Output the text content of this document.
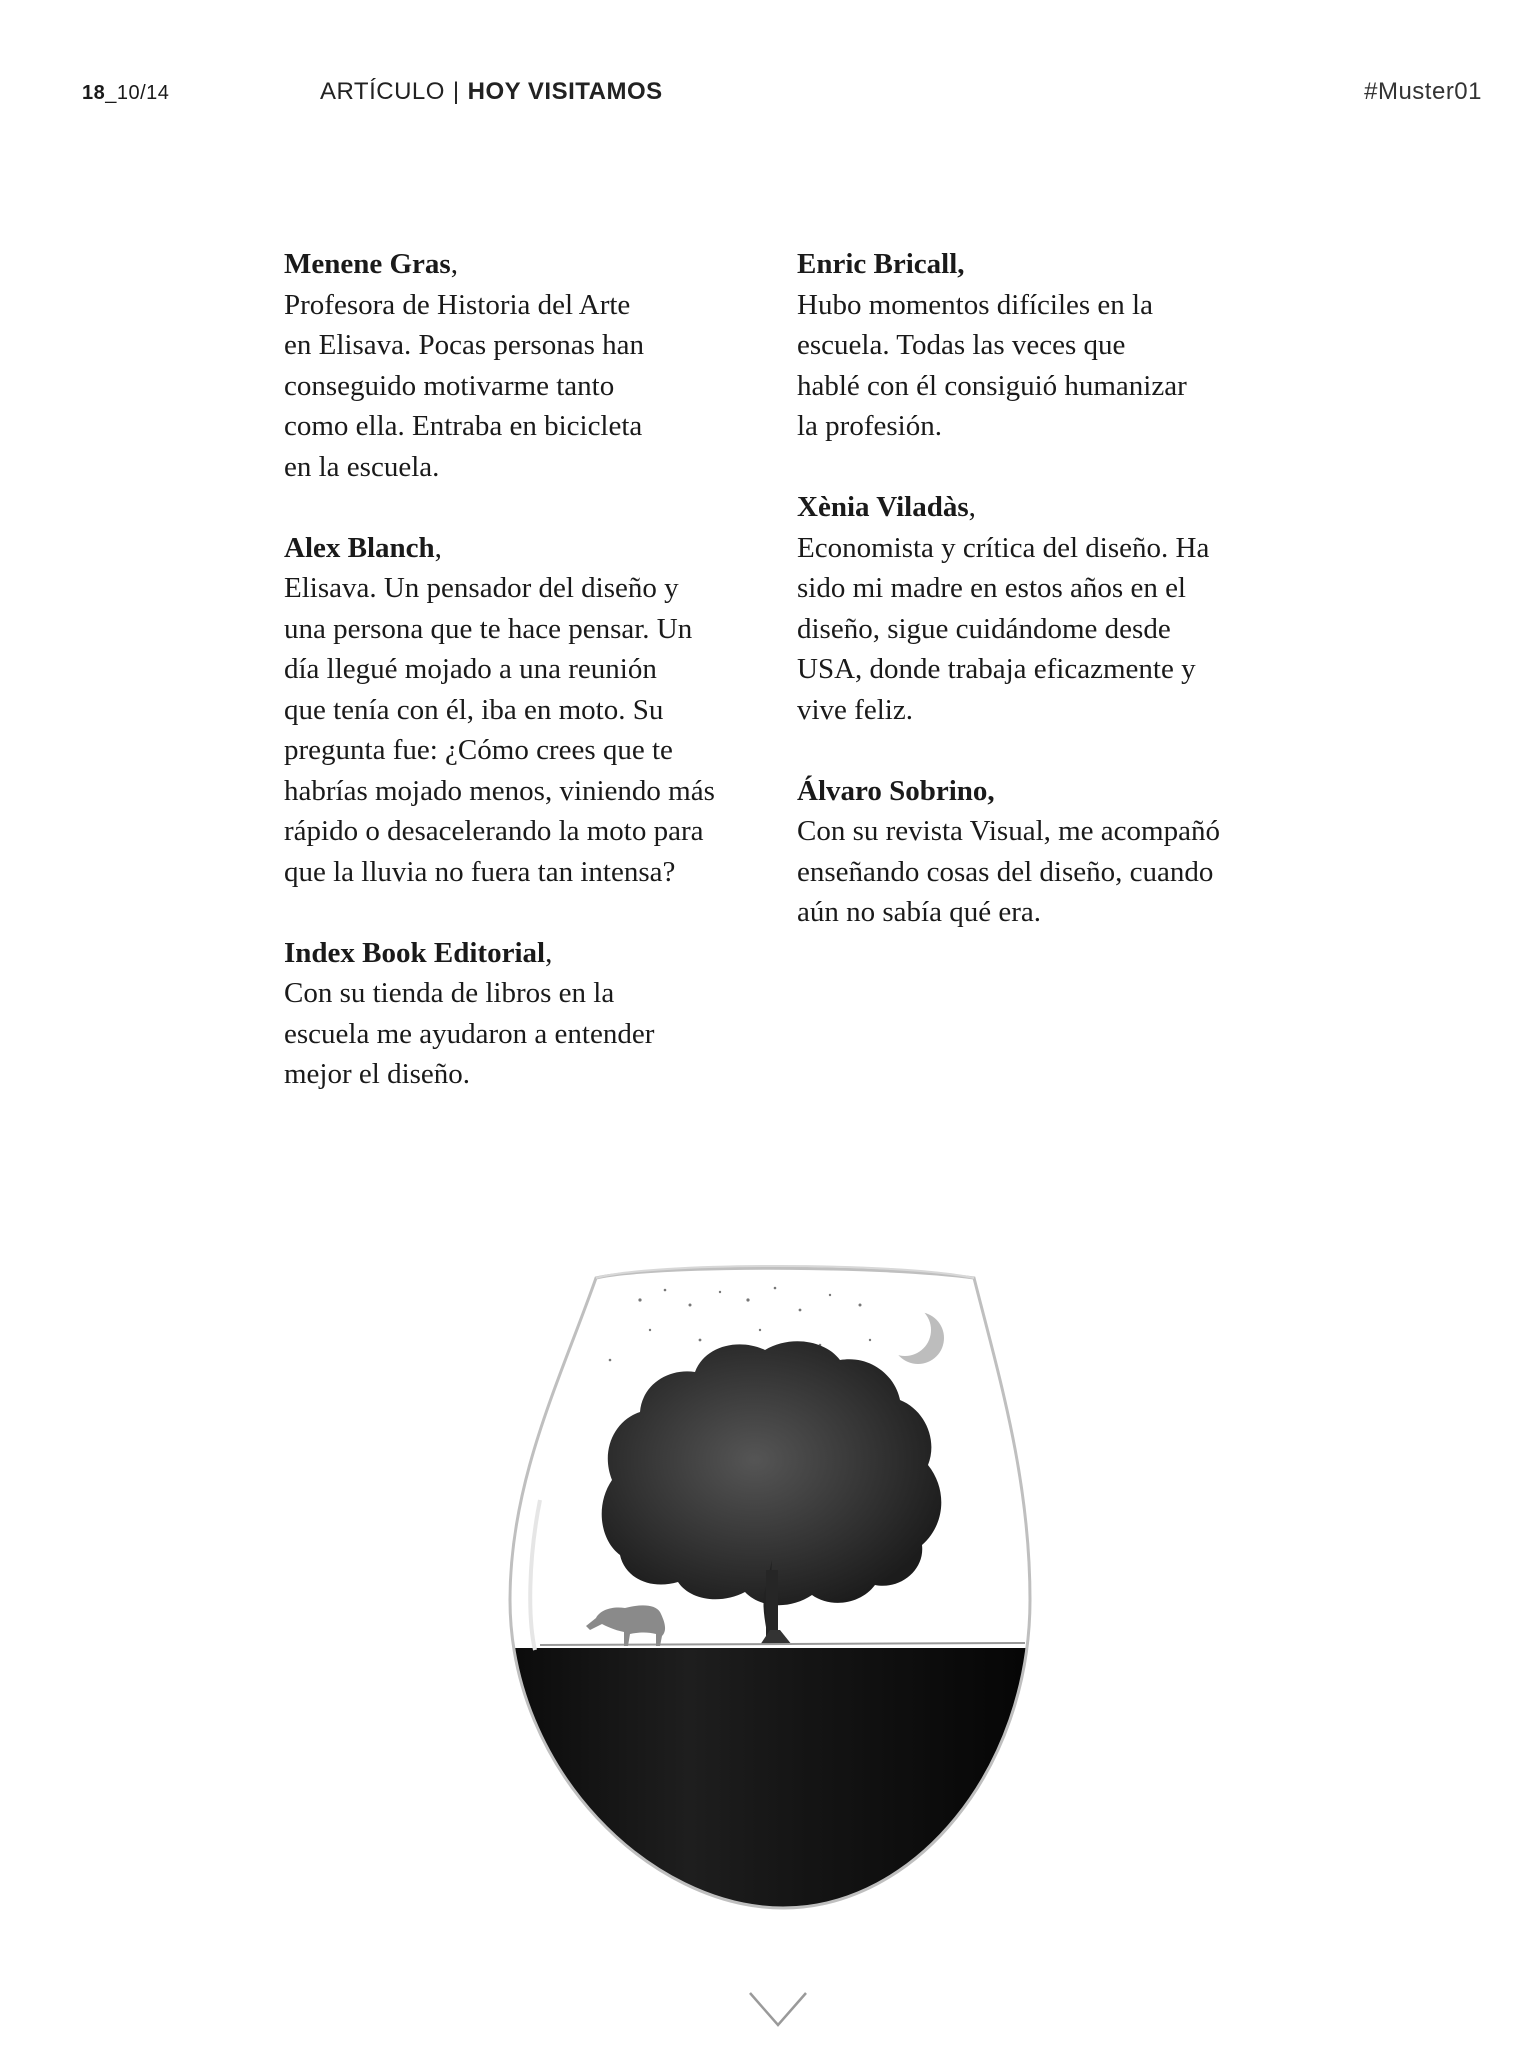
18_10/14	ARTÍCULO | HOY VISITAMOS	#Muster01
Menene Gras,
Profesora de Historia del Arte
en Elisava. Pocas personas han
conseguido motivarme tanto
como ella. Entraba en bicicleta
en la escuela.
Alex Blanch,
Elisava. Un pensador del diseño y
una persona que te hace pensar. Un
día llegué mojado a una reunión
que tenía con él, iba en moto. Su
pregunta fue: ¿Cómo crees que te
habrías mojado menos, viniendo más
rápido o desacelerando la moto para
que la lluvia no fuera tan intensa?
Index Book Editorial,
Con su tienda de libros en la
escuela me ayudaron a entender
mejor el diseño.
Enric Bricall,
Hubo momentos difíciles en la
escuela. Todas las veces que
hablé con él consiguió humanizar
la profesión.
Xènia Viladàs,
Economista y crítica del diseño. Ha
sido mi madre en estos años en el
diseño, sigue cuidándome desde
USA, donde trabaja eficazmente y
vive feliz.
Álvaro Sobrino,
Con su revista Visual, me acompañó
enseñando cosas del diseño, cuando
aún no sabía qué era.
